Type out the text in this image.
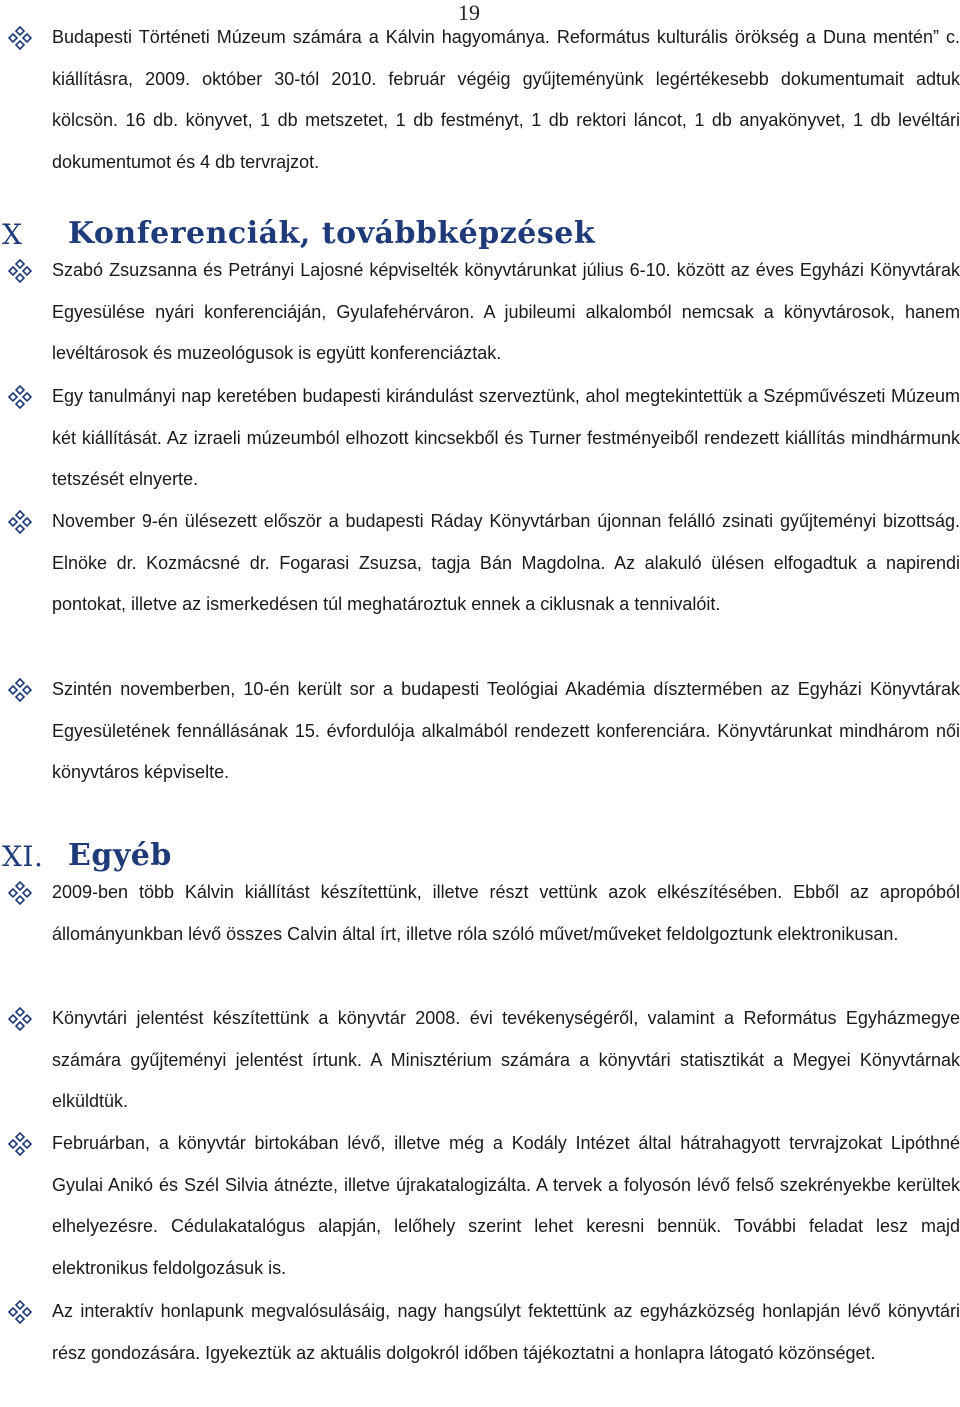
19
Budapesti Történeti Múzeum számára a Kálvin hagyománya. Református kulturális örökség a Duna mentén” c. kiállításra, 2009. október 30-tól 2010. február végéig gyűjteményünk legértékesebb dokumentumait adtuk kölcsön. 16 db. könyvet, 1 db metszetet, 1 db festményt, 1 db rektori láncot, 1 db anyakönyvet, 1 db levéltári dokumentumot és 4 db tervrajzot.
X Konferenciák, továbbképzések
Szabó Zsuzsanna és Petrányi Lajosné képviselték könyvtárunkat július 6-10. között az éves Egyházi Könyvtárak Egyesülése nyári konferenciáján, Gyulafehérváron. A jubileumi alkalomból nemcsak a könyvtárosok, hanem levéltárosok és muzeológusok is együtt konferenciáztak.
Egy tanulmányi nap keretében budapesti kirándulást szerveztünk, ahol megtekintettük a Szépművészeti Múzeum két kiállítását. Az izraeli múzeumból elhozott kincsekből és Turner festményeiből rendezett kiállítás mindhármunk tetszését elnyerte.
November 9-én ülésezett először a budapesti Ráday Könyvtárban újonnan felálló zsinati gyűjteményi bizottság. Elnöke dr. Kozmácsné dr. Fogarasi Zsuzsa, tagja Bán Magdolna. Az alakuló ülésen elfogadtuk a napirendi pontokat, illetve az ismerkedésen túl meghatároztuk ennek a ciklusnak a tennivalóit.
Szintén novemberben, 10-én került sor a budapesti Teológiai Akadémia dísztermében az Egyházi Könyvtárak Egyesületének fennállásának 15. évfordulója alkalmából rendezett konferenciára. Könyvtárunkat mindhárom női könyvtáros képviselte.
XI. Egyéb
2009-ben több Kálvin kiállítást készítettünk, illetve részt vettünk azok elkészítésében. Ebből az apropóból állományunkban lévő összes Calvin által írt, illetve róla szóló művet/műveket feldolgoztunk elektronikusan.
Könyvtári jelentést készítettünk a könyvtár 2008. évi tevékenységéről, valamint a Református Egyházmegye számára gyűjteményi jelentést írtunk. A Minisztérium számára a könyvtári statisztikát a Megyei Könyvtárnak elküldtük.
Februárban, a könyvtár birtokában lévő, illetve még a Kodály Intézet által hátrahagyott tervrajzokat Lipóthné Gyulai Anikó és Szél Silvia átnézte, illetve újrakatalogizálta. A tervek a folyosón lévő felső szekrényekbe kerültek elhelyezésre. Cédulakatalógus alapján, lelőhely szerint lehet keresni bennük. További feladat lesz majd elektronikus feldolgozásuk is.
Az interaktív honlapunk megvalósulásáig, nagy hangsúlyt fektettünk az egyházközség honlapján lévő könyvtári rész gondozására. Igyekeztük az aktuális dolgokról időben tájékoztatni a honlapra látogató közönséget.
